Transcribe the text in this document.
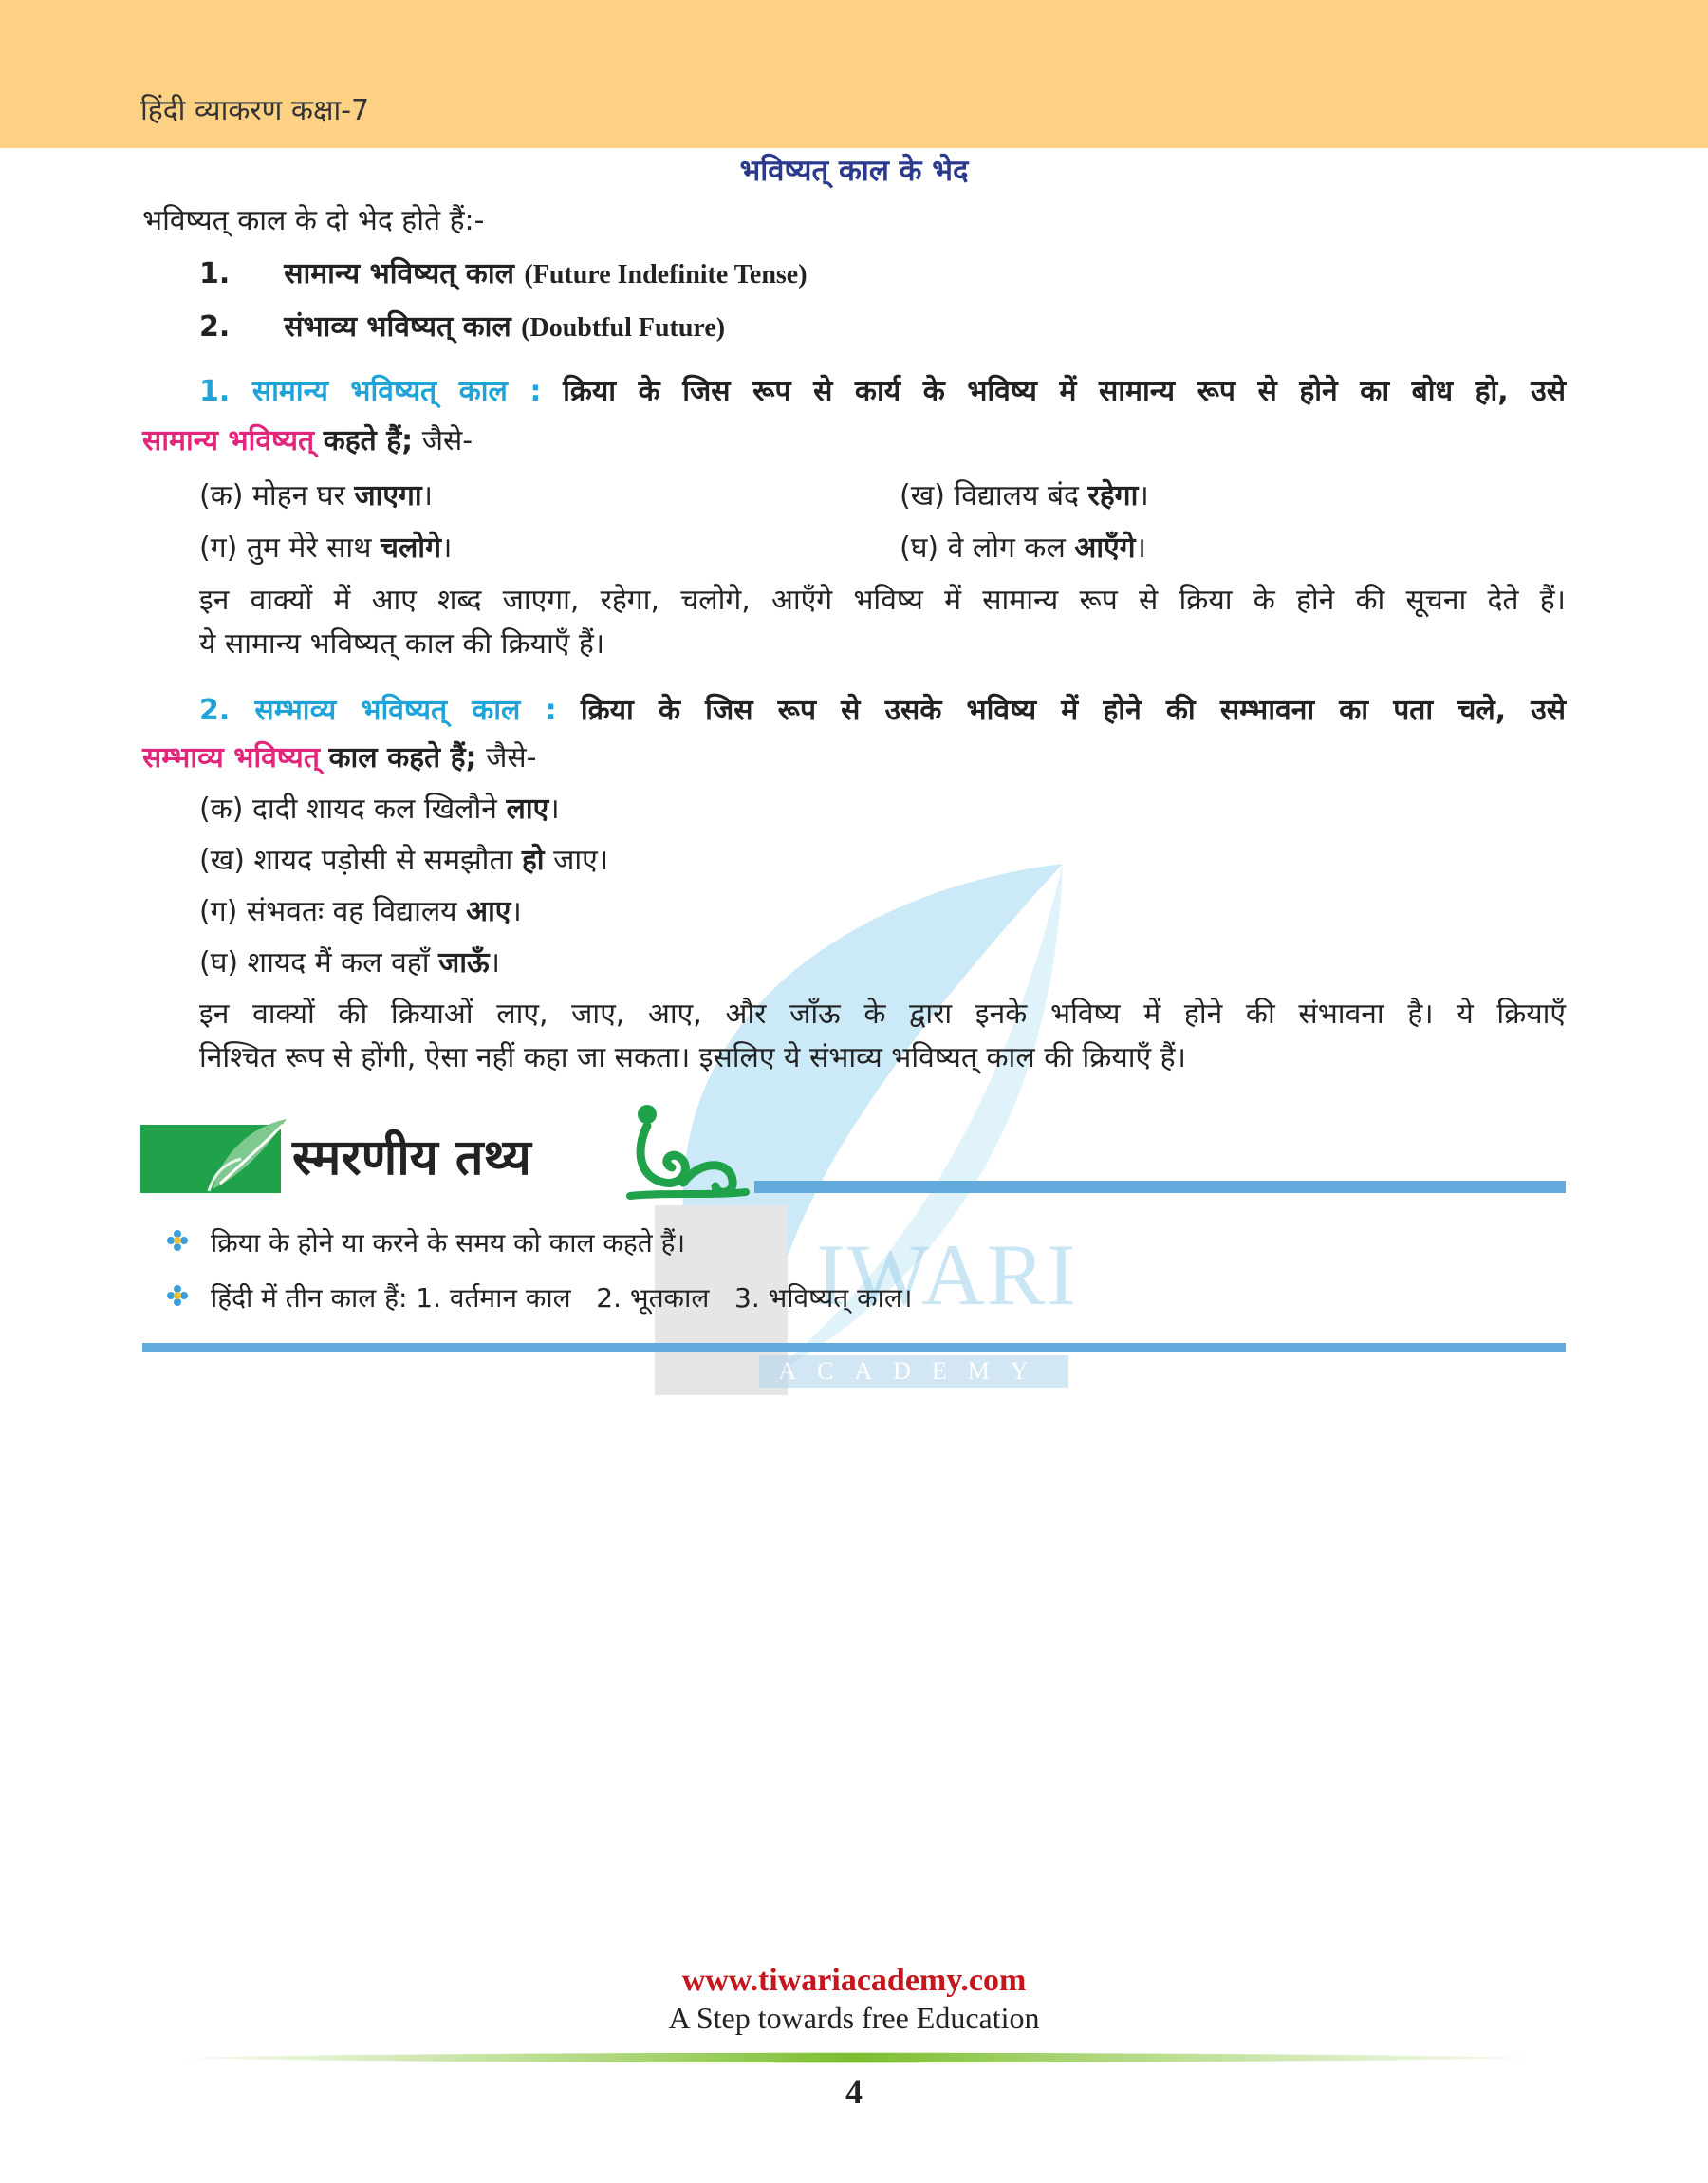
हिंदी व्याकरण कक्षा-7
भविष्यत् काल के भेद
IWARI
ACADEMY
भविष्यत् काल के दो भेद होते हैं:-
1. सामान्य भविष्यत् काल (Future Indefinite Tense)
2. संभाव्य भविष्यत् काल (Doubtful Future)
1. सामान्य भविष्यत् काल : क्रिया के जिस रूप से कार्य के भविष्य में सामान्य रूप से होने का बोध हो, उसे
सामान्य भविष्यत् कहते हैं; जैसे-
(क) मोहन घर जाएगा।	(ख) विद्यालय बंद रहेगा।
(ग) तुम मेरे साथ चलोगे।	(घ) वे लोग कल आएँगे।
इन वाक्यों में आए शब्द जाएगा, रहेगा, चलोगे, आएँगे भविष्य में सामान्य रूप से क्रिया के होने की सूचना देते हैं।
ये सामान्य भविष्यत् काल की क्रियाएँ हैं।
2. सम्भाव्य भविष्यत् काल : क्रिया के जिस रूप से उसके भविष्य में होने की सम्भावना का पता चले, उसे
सम्भाव्य भविष्यत् काल कहते हैं; जैसे-
(क) दादी शायद कल खिलौने लाए।
(ख) शायद पड़ोसी से समझौता हो जाए।
(ग) संभवतः वह विद्यालय आए।
(घ) शायद मैं कल वहाँ जाऊँ।
इन वाक्यों की क्रियाओं लाए, जाए, आए, और जाँऊ के द्वारा इनके भविष्य में होने की संभावना है। ये क्रियाएँ
निश्चित रूप से होंगी, ऐसा नहीं कहा जा सकता। इसलिए ये संभाव्य भविष्यत् काल की क्रियाएँ हैं।
स्मरणीय तथ्य
क्रिया के होने या करने के समय को काल कहते हैं।
हिंदी में तीन काल हैं: 1. वर्तमान काल   2. भूतकाल   3. भविष्यत् काल।
www.tiwariacademy.com
A Step towards free Education
4
